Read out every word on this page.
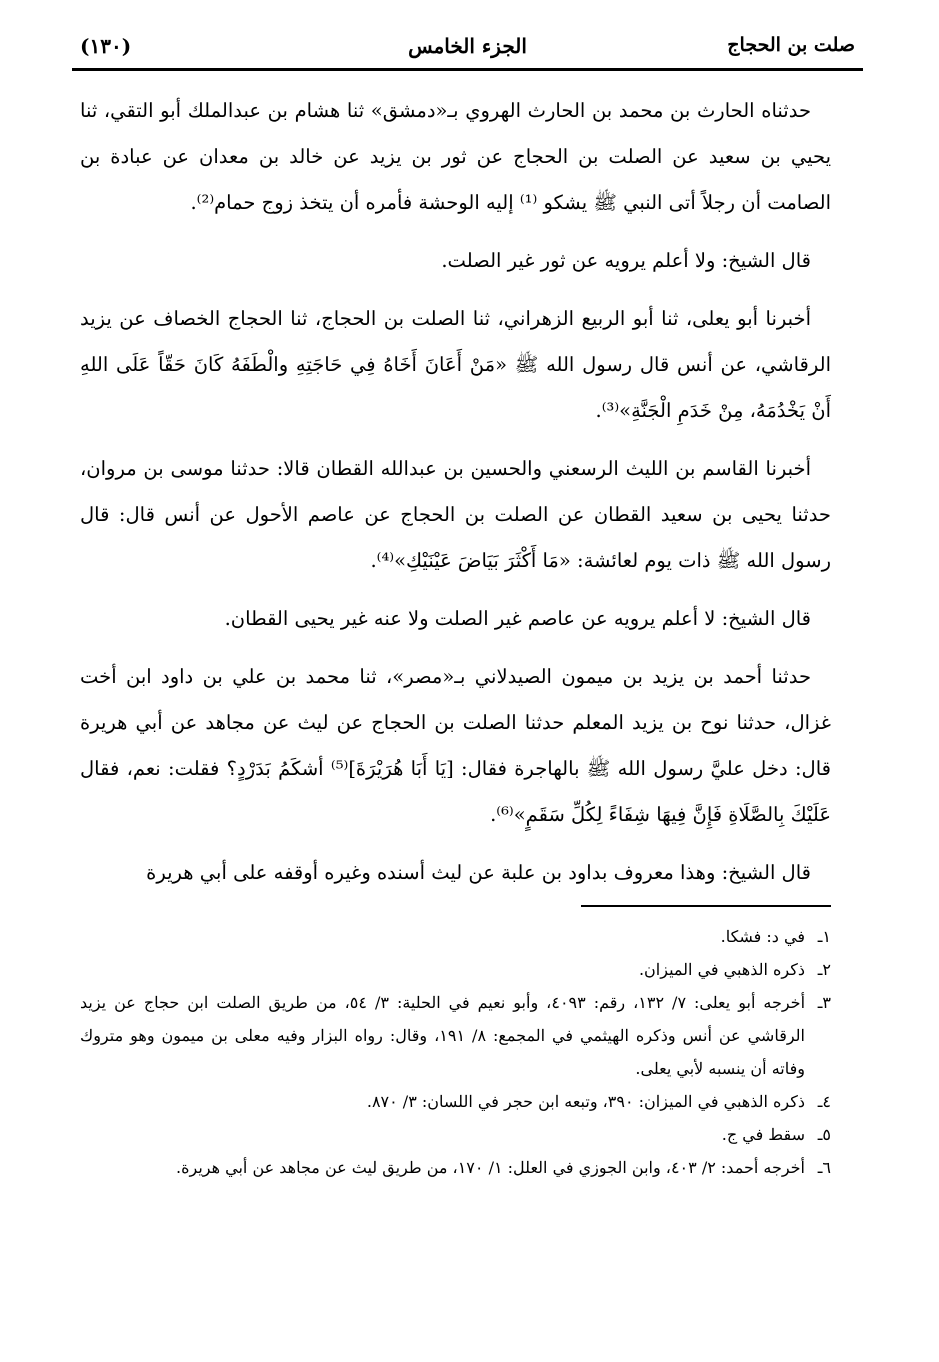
صلت بن الحجاج
الجزء الخامس
(١٣٠)

حدثناه الحارث بن محمد بن الحارث الهروي بـ«دمشق» ثنا هشام بن عبدالملك أبو التقي، ثنا يحيي بن سعيد عن الصلت بن الحجاج عن ثور بن يزيد عن خالد بن معدان عن عبادة بن الصامت أن رجلاً أتى النبي ﷺ يشكو ⁽¹⁾ إليه الوحشة فأمره أن يتخذ زوج حمام⁽²⁾.

قال الشيخ: ولا أعلم يرويه عن ثور غير الصلت.

أخبرنا أبو يعلى، ثنا أبو الربيع الزهراني، ثنا الصلت بن الحجاج، ثنا الحجاج الخصاف عن يزيد الرقاشي، عن أنس قال رسول الله ﷺ «مَنْ أَعَانَ أَخَاهُ فِي حَاجَتِهِ والْطَفَهُ كَانَ حَقّاً عَلَى اللهِ أَنْ يَخْدُمَهُ، مِنْ خَدَمِ الْجَنَّةِ»⁽³⁾.

أخبرنا القاسم بن الليث الرسعني والحسين بن عبدالله القطان قالا: حدثنا موسى بن مروان، حدثنا يحيى بن سعيد القطان عن الصلت بن الحجاج عن عاصم الأحول عن أنس قال: قال رسول الله ﷺ ذات يوم لعائشة: «مَا أَكْثَرَ بَيَاضَ عَيْنَيْكِ»⁽⁴⁾.

قال الشيخ: لا أعلم يرويه عن عاصم غير الصلت ولا عنه غير يحيى القطان.

حدثنا أحمد بن يزيد بن ميمون الصيدلاني بـ«مصر»، ثنا محمد بن علي بن داود ابن أخت غزال، حدثنا نوح بن يزيد المعلم حدثنا الصلت بن الحجاج عن ليث عن مجاهد عن أبي هريرة قال: دخل عليَّ رسول الله ﷺ بالهاجرة فقال: [يَا أَبَا هُرَيْرَةَ]⁽⁵⁾ أشكَمُ بَدَرْدٍ؟ فقلت: نعم، فقال عَلَيْكَ بِالصَّلَاةِ فَإِنَّ فِيهَا شِفَاءً لِكُلِّ سَقَمٍ»⁽⁶⁾.

قال الشيخ: وهذا معروف بداود بن علبة عن ليث أسنده وغيره أوقفه على أبي هريرة

١ـ
في د: فشكا.

٢ـ
ذكره الذهبي في الميزان.

٣ـ
أخرجه أبو يعلى: ٧/ ١٣٢، رقم: ٤٠٩٣، وأبو نعيم في الحلية: ٣/ ٥٤، من طريق الصلت ابن حجاج عن يزيد الرقاشي عن أنس وذكره الهيثمي في المجمع: ٨/ ١٩١، وقال: رواه البزار وفيه معلى بن ميمون وهو متروك وفاته أن ينسبه لأبي يعلى.

٤ـ
ذكره الذهبي في الميزان: ٣٩٠، وتبعه ابن حجر في اللسان: ٣/ ٨٧٠.

٥ـ
سقط في ج.

٦ـ
أخرجه أحمد: ٢/ ٤٠٣، وابن الجوزي في العلل: ١/ ١٧٠، من طريق ليث عن مجاهد عن أبي هريرة.
